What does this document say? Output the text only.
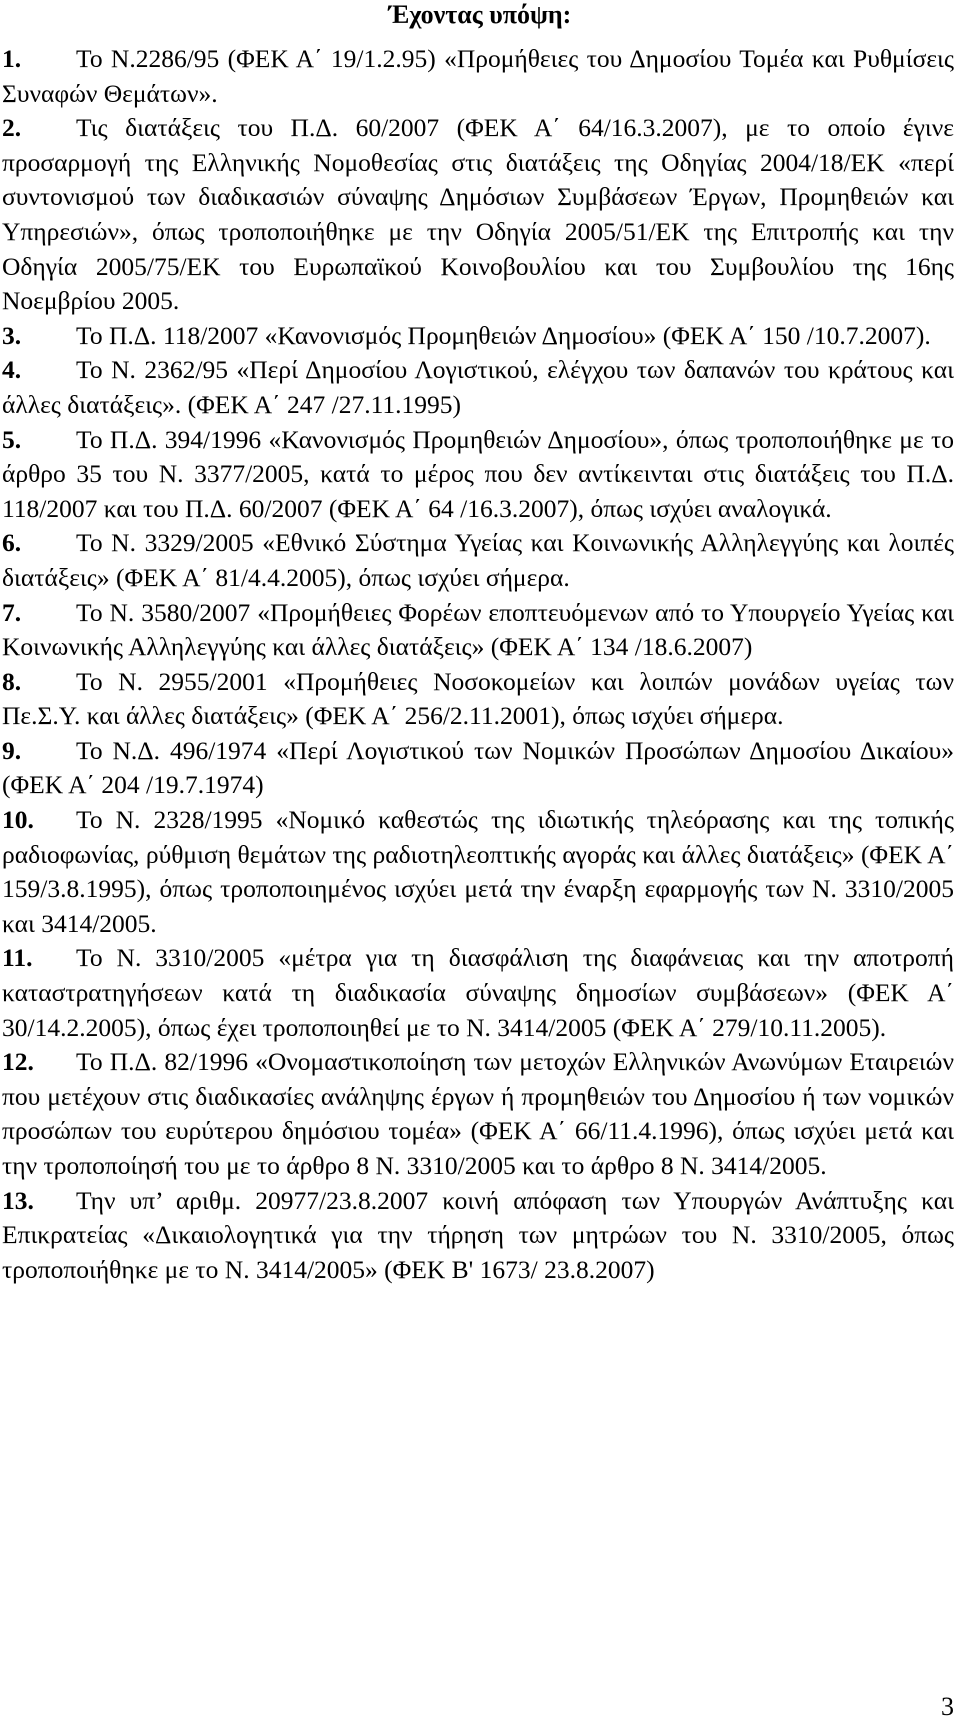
Έχοντας υπόψη:

1. Το Ν.2286/95 (ΦΕΚ Α΄ 19/1.2.95) «Προμήθειες του Δημοσίου Τομέα και Ρυθμίσεις Συναφών Θεμάτων».

2. Τις διατάξεις του Π.Δ. 60/2007 (ΦΕΚ Α΄ 64/16.3.2007), με το οποίο έγινε προσαρμογή της Ελληνικής Νομοθεσίας στις διατάξεις της Οδηγίας 2004/18/ΕΚ «περί συντονισμού των διαδικασιών σύναψης Δημόσιων Συμβάσεων Έργων, Προμηθειών και Υπηρεσιών», όπως τροποποιήθηκε με την Οδηγία 2005/51/ΕΚ της Επιτροπής και την Οδηγία 2005/75/ΕΚ του Ευρωπαϊκού Κοινοβουλίου και του Συμβουλίου της 16ης Νοεμβρίου 2005.

3. Το Π.Δ. 118/2007 «Κανονισμός Προμηθειών Δημοσίου» (ΦΕΚ Α΄ 150 /10.7.2007).

4. Το Ν. 2362/95 «Περί Δημοσίου Λογιστικού, ελέγχου των δαπανών του κράτους και άλλες διατάξεις». (ΦΕΚ Α΄ 247 /27.11.1995)

5. Το Π.Δ. 394/1996 «Κανονισμός Προμηθειών Δημοσίου», όπως τροποποιήθηκε με το άρθρο 35 του Ν. 3377/2005, κατά το μέρος που δεν αντίκεινται στις διατάξεις του Π.Δ. 118/2007 και του Π.Δ. 60/2007 (ΦΕΚ Α΄ 64 /16.3.2007), όπως ισχύει αναλογικά.

6. Το Ν. 3329/2005 «Εθνικό Σύστημα Υγείας και Κοινωνικής Αλληλεγγύης και λοιπές διατάξεις» (ΦΕΚ Α΄ 81/4.4.2005), όπως ισχύει σήμερα.

7. Το Ν. 3580/2007 «Προμήθειες Φορέων εποπτευόμενων από το Υπουργείο Υγείας και Κοινωνικής Αλληλεγγύης και άλλες διατάξεις» (ΦΕΚ Α΄ 134 /18.6.2007)

8. Το Ν. 2955/2001 «Προμήθειες Νοσοκομείων και λοιπών μονάδων υγείας των Πε.Σ.Υ. και άλλες διατάξεις» (ΦΕΚ Α΄ 256/2.11.2001), όπως ισχύει σήμερα.

9. Το Ν.Δ. 496/1974 «Περί Λογιστικού των Νομικών Προσώπων Δημοσίου Δικαίου» (ΦΕΚ Α΄ 204 /19.7.1974)

10. Το Ν. 2328/1995 «Νομικό καθεστώς της ιδιωτικής τηλεόρασης και της τοπικής ραδιοφωνίας, ρύθμιση θεμάτων της ραδιοτηλεοπτικής αγοράς και άλλες διατάξεις» (ΦΕΚ Α΄ 159/3.8.1995), όπως τροποποιημένος ισχύει μετά την έναρξη εφαρμογής των Ν. 3310/2005 και 3414/2005.

11. Το Ν. 3310/2005 «μέτρα για τη διασφάλιση της διαφάνειας και την αποτροπή καταστρατηγήσεων κατά τη διαδικασία σύναψης δημοσίων συμβάσεων» (ΦΕΚ Α΄ 30/14.2.2005), όπως έχει τροποποιηθεί με το Ν. 3414/2005 (ΦΕΚ Α΄ 279/10.11.2005).

12. Το Π.Δ. 82/1996 «Ονομαστικοποίηση των μετοχών Ελληνικών Ανωνύμων Εταιρειών που μετέχουν στις διαδικασίες ανάληψης έργων ή προμηθειών του Δημοσίου ή των νομικών προσώπων του ευρύτερου δημόσιου τομέα» (ΦΕΚ Α΄ 66/11.4.1996), όπως ισχύει μετά και την τροποποίησή του με το άρθρο 8 Ν. 3310/2005 και το άρθρο 8 Ν. 3414/2005.

13. Την υπ’ αριθμ. 20977/23.8.2007 κοινή απόφαση των Υπουργών Ανάπτυξης και Επικρατείας «Δικαιολογητικά για την τήρηση των μητρώων του Ν. 3310/2005, όπως τροποποιήθηκε με το Ν. 3414/2005» (ΦΕΚ Β' 1673/ 23.8.2007)

3
